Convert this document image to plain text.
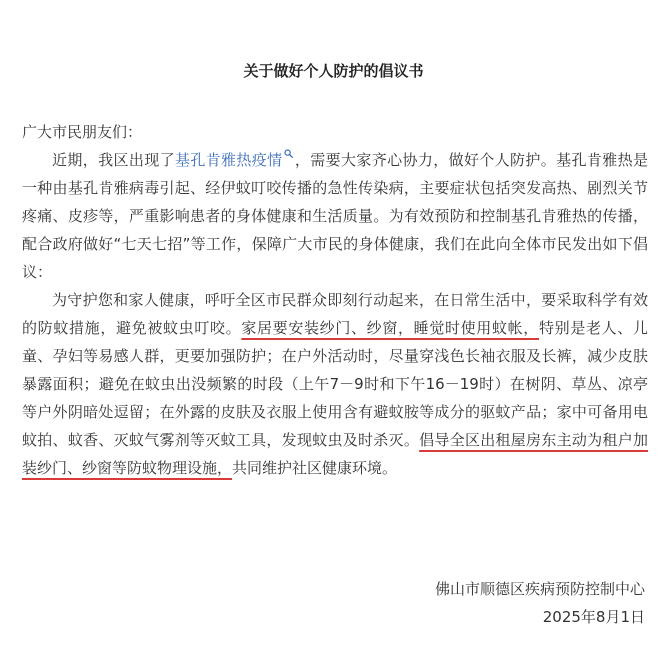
关于做好个人防护的倡议书

广大市民朋友们：

近期，我区出现了基孔肯雅热疫情 ，需要大家齐心协力，做好个人防护。基孔肯雅热是一种由基孔肯雅病毒引起、经伊蚊叮咬传播的急性传染病，主要症状包括突发高热、剧烈关节疼痛、皮疹等，严重影响患者的身体健康和生活质量。为有效预防和控制基孔肯雅热的传播，配合政府做好“七天七招”等工作，保障广大市民的身体健康，我们在此向全体市民发出如下倡议：

为守护您和家人健康，呼吁全区市民群众即刻行动起来，在日常生活中，要采取科学有效的防蚊措施，避免被蚊虫叮咬。家居要安装纱门、纱窗，睡觉时使用蚊帐，特别是老人、儿童、孕妇等易感人群，更要加强防护；在户外活动时，尽量穿浅色长袖衣服及长裤，减少皮肤暴露面积；避免在蚊虫出没频繁的时段（上午7－9时和下午16－19时）在树阴、草丛、凉亭等户外阴暗处逗留；在外露的皮肤及衣服上使用含有避蚊胺等成分的驱蚊产品；家中可备用电蚊拍、蚊香、灭蚊气雾剂等灭蚊工具，发现蚊虫及时杀灭。倡导全区出租屋房东主动为租户加装纱门、纱窗等防蚊物理设施，共同维护社区健康环境。

佛山市顺德区疾病预防控制中心
2025年8月1日
